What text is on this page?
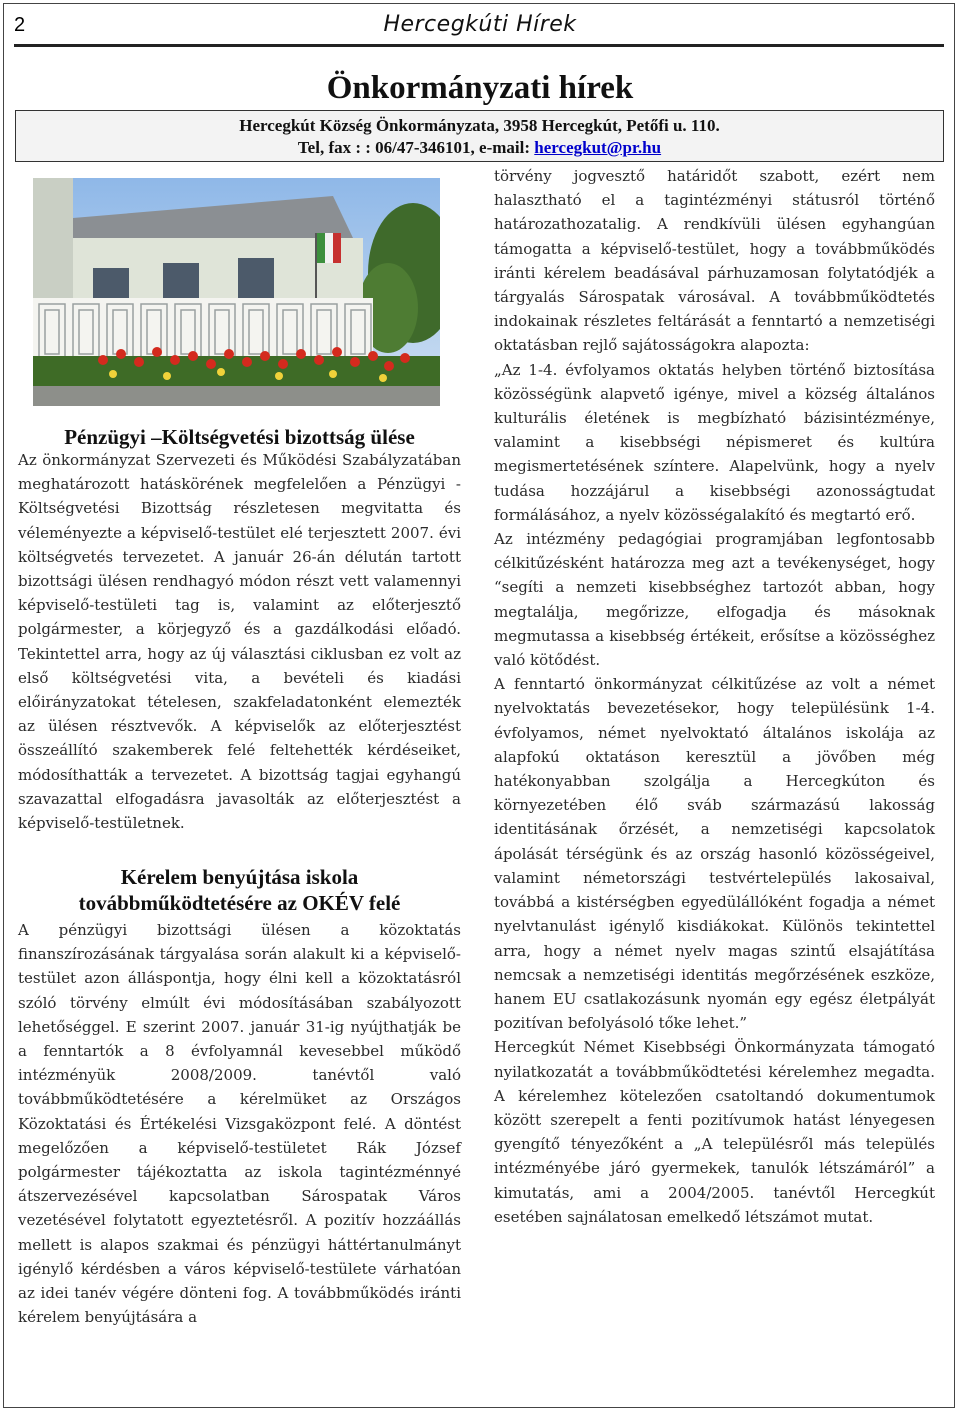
2	Hercegkúti Hírek
Önkormányzati hírek
Hercegkút Község Önkormányzata, 3958 Hercegkút, Petőfi u. 110.
Tel, fax : : 06/47-346101, e-mail: hercegkut@pr.hu
Pénzügyi –Költségvetési bizottság ülése

Az önkormányzat Szervezeti és Működési Szabályzatában meghatározott hatáskörének megfelelően a Pénzügyi - Költségvetési Bizottság részletesen megvitatta és véleményezte a képviselő-testület elé terjesztett 2007. évi költségvetés tervezetet. A január 26-án délután tartott bizottsági ülésen rendhagyó módon részt vett valamennyi képviselő-testületi tag is, valamint az előterjesztő polgármester, a körjegyző és a gazdálkodási előadó. Tekintettel arra, hogy az új választási ciklusban ez volt az első költségvetési vita, a bevételi és kiadási előirányzatokat tételesen, szakfeladatonként elemezték az ülésen résztvevők. A képviselők az előterjesztést összeállító szakemberek felé feltehették kérdéseiket, módosíthatták a tervezetet. A bizottság tagjai egyhangú szavazattal elfogadásra javasolták az előterjesztést a képviselő-testületnek.

Kérelem benyújtása iskola
továbbműködtetésére az OKÉV felé

A pénzügyi bizottsági ülésen a közoktatás finanszírozásának tárgyalása során alakult ki a képviselő-testület azon álláspontja, hogy élni kell a közoktatásról szóló törvény elmúlt évi módosításában szabályozott lehetőséggel. E szerint 2007. január 31-ig nyújthatják be a fenntartók a 8 évfolyamnál kevesebbel működő intézményük 2008/2009. tanévtől való továbbműködtetésére a kérelmüket az Országos Közoktatási és Értékelési Vizsgaközpont felé. A döntést megelőzően a képviselő-testületet Rák József polgármester tájékoztatta az iskola tagintézménnyé átszervezésével kapcsolatban Sárospatak Város vezetésével folytatott egyeztetésről. A pozitív hozzáállás mellett is alapos szakmai és pénzügyi háttértanulmányt igénylő kérdésben a város képviselő-testülete várhatóan az idei tanév végére dönteni fog. A továbbműködés iránti kérelem benyújtására a

törvény jogvesztő határidőt szabott, ezért nem halasztható el a tagintézményi státusról történő határozathozatalig. A rendkívüli ülésen egyhangúan támogatta a képviselő-testület, hogy a továbbműködés iránti kérelem beadásával párhuzamosan folytatódjék a tárgyalás Sárospatak városával. A továbbműködtetés indokainak részletes feltárását a fenntartó a nemzetiségi oktatásban rejlő sajátosságokra alapozta:

„Az 1-4. évfolyamos oktatás helyben történő biztosítása közösségünk alapvető igénye, mivel a község általános kulturális életének is megbízható bázisintézménye, valamint a kisebbségi népismeret és kultúra megismertetésének színtere. Alapelvünk, hogy a nyelv tudása hozzájárul a kisebbségi azonosságtudat formálásához, a nyelv közösségalakító és megtartó erő.

Az intézmény pedagógiai programjában legfontosabb célkitűzésként határozza meg azt a tevékenységet, hogy “segíti a nemzeti kisebbséghez tartozót abban, hogy megtalálja, megőrizze, elfogadja és másoknak megmutassa a kisebbség értékeit, erősítse a közösséghez való kötődést.

A fenntartó önkormányzat célkitűzése az volt a német nyelvoktatás bevezetésekor, hogy településünk 1-4. évfolyamos, német nyelvoktató általános iskolája az alapfokú oktatáson keresztül a jövőben még hatékonyabban szolgálja a Hercegkúton és környezetében élő sváb származású lakosság identitásának őrzését, a nemzetiségi kapcsolatok ápolását térségünk és az ország hasonló közösségeivel, valamint németországi testvértelepülés lakosaival, továbbá a kistérségben egyedülállóként fogadja a német nyelvtanulást igénylő kisdiákokat. Különös tekintettel arra, hogy a német nyelv magas szintű elsajátítása nemcsak a nemzetiségi identitás megőrzésének eszköze, hanem EU csatlakozásunk nyomán egy egész életpályát pozitívan befolyásoló tőke lehet.”

Hercegkút Német Kisebbségi Önkormányzata támogató nyilatkozatát a továbbműködtetési kérelemhez megadta. A kérelemhez kötelezően csatoltandó dokumentumok között szerepelt a fenti pozitívumok hatást lényegesen gyengítő tényezőként a „A településről más település intézményébe járó gyermekek, tanulók létszámáról” a kimutatás, ami a 2004/2005. tanévtől Hercegkút esetében sajnálatosan emelkedő létszámot mutat.
